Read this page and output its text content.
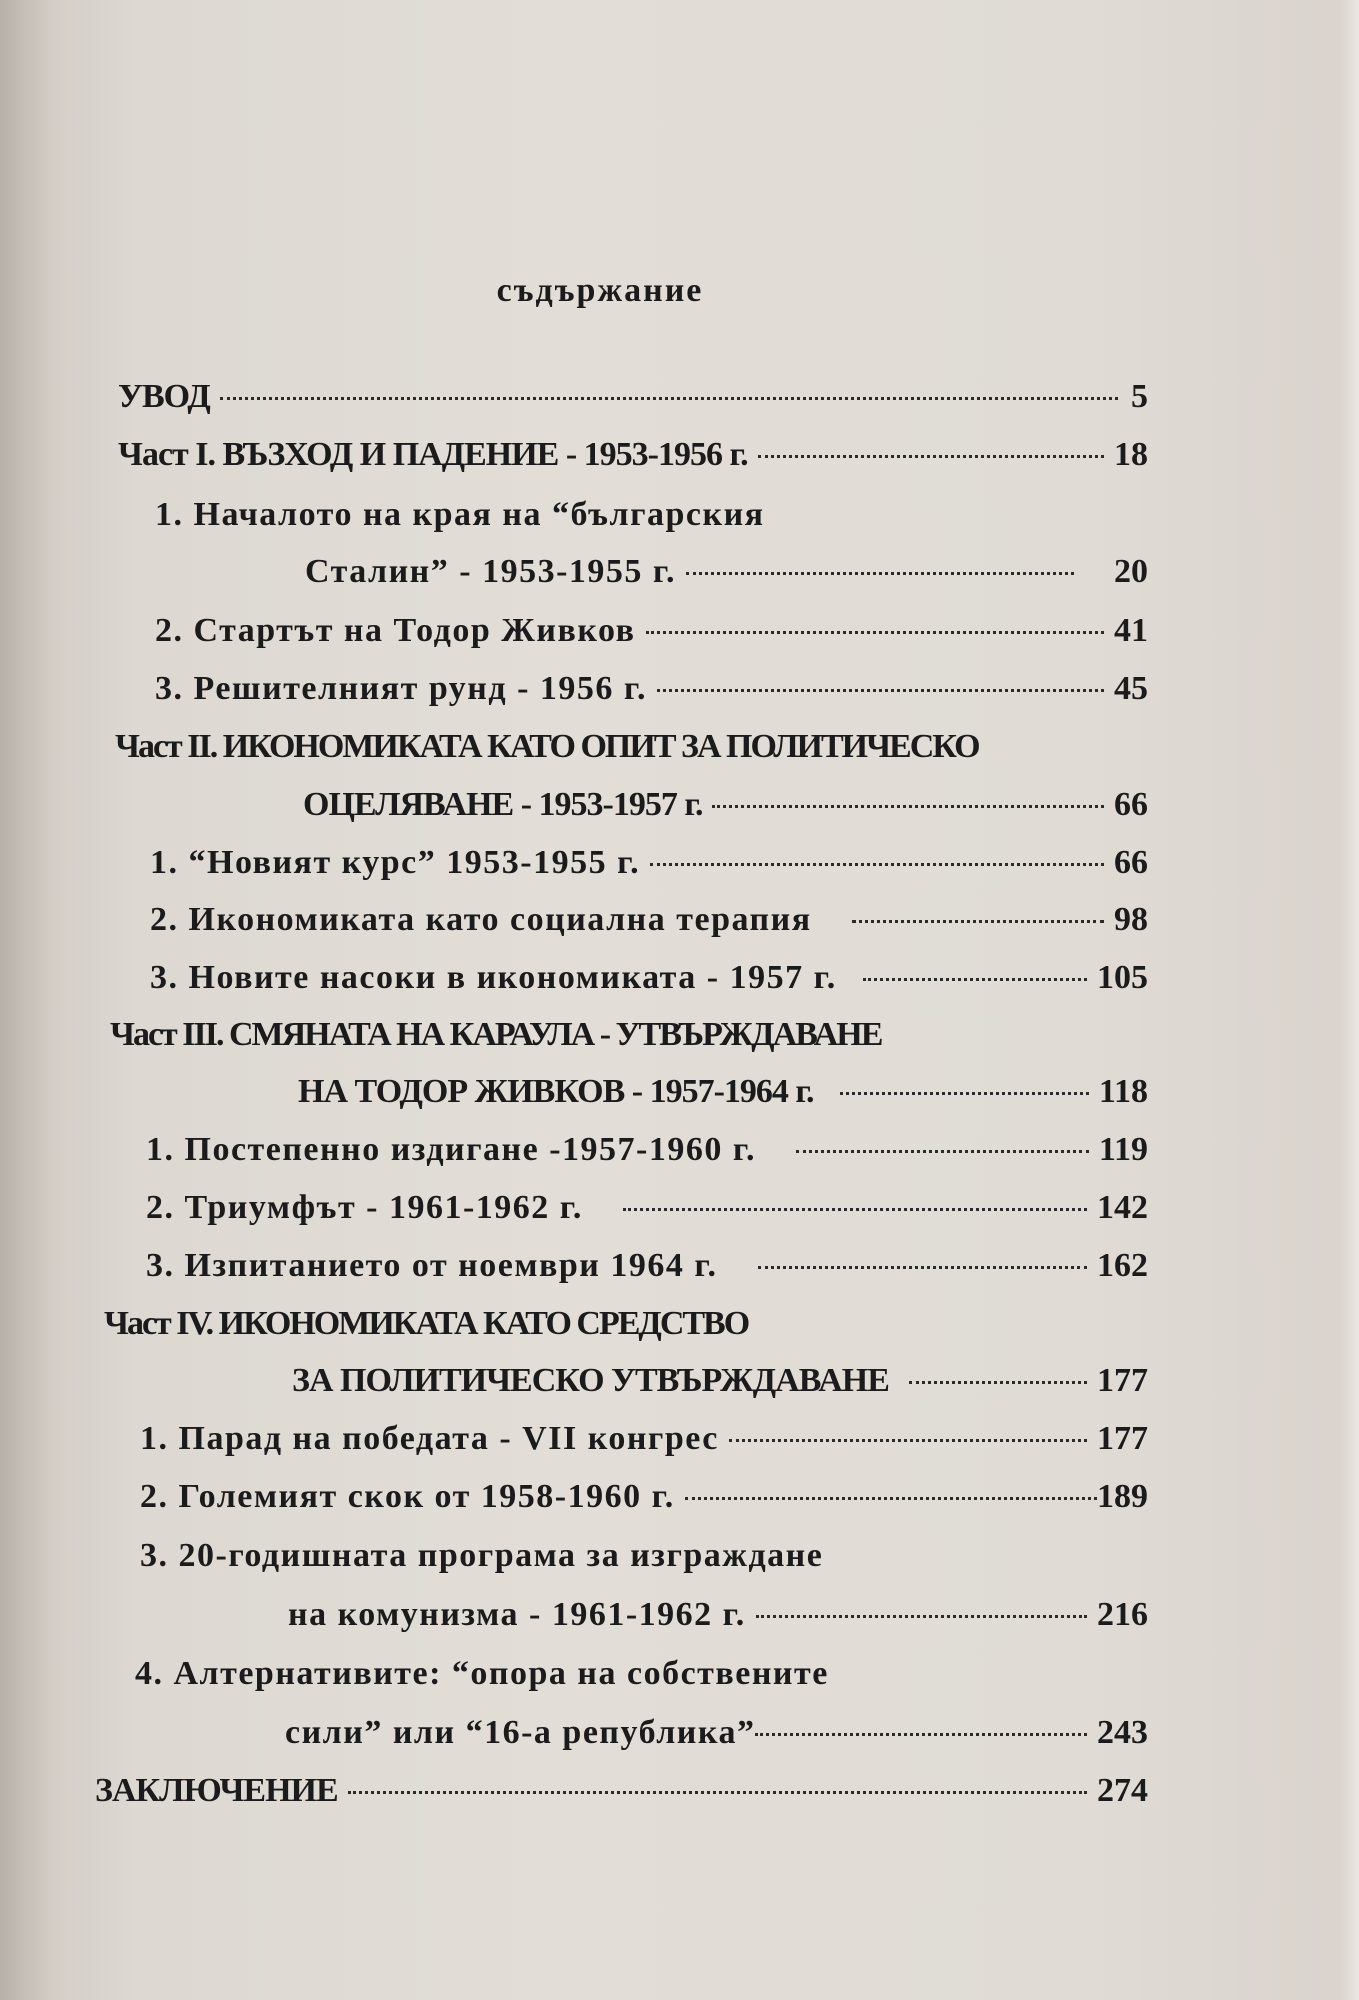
съдържание
УВОД	5
Част I. ВЪЗХОД И ПАДЕНИЕ - 1953-1956 г.	18
1. Началото на края на “българския
Сталин” - 1953-1955 г.	20
2. Стартът на Тодор Живков	41
3. Решителният рунд - 1956 г.	45
Част II. ИКОНОМИКАТА КАТО ОПИТ ЗА ПОЛИТИЧЕСКО
ОЦЕЛЯВАНЕ - 1953-1957 г.	66
1. “Новият курс” 1953-1955 г.	66
2. Икономиката като социална терапия	98
3. Новите насоки в икономиката - 1957 г.	105
Част III. СМЯНАТА НА КАРАУЛА - УТВЪРЖДАВАНЕ
НА ТОДОР ЖИВКОВ - 1957-1964 г.	118
1. Постепенно издигане -1957-1960 г.	119
2. Триумфът - 1961-1962 г.	142
3. Изпитанието от ноември 1964 г.	162
Част IV. ИКОНОМИКАТА КАТО СРЕДСТВО
ЗА ПОЛИТИЧЕСКО УТВЪРЖДАВАНЕ	177
1. Парад на победата - VII конгрес	177
2. Големият скок от 1958-1960 г.	189
3. 20-годишната програма за изграждане
на комунизма - 1961-1962 г.	216
4. Алтернативите: “опора на собствените
сили” или “16-а република”	243
ЗАКЛЮЧЕНИЕ	274
